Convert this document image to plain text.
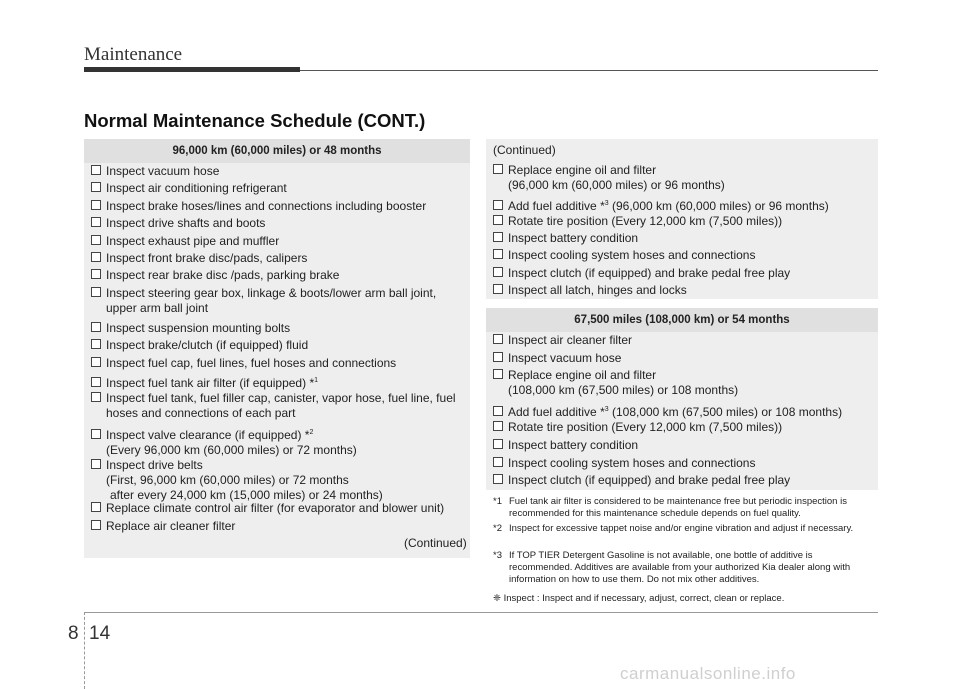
Maintenance
Normal Maintenance Schedule (CONT.)
96,000 km (60,000 miles) or 48 months
Inspect vacuum hose
Inspect air conditioning refrigerant
Inspect brake hoses/lines and connections including booster
Inspect drive shafts and boots
Inspect exhaust pipe and muffler
Inspect front brake disc/pads, calipers
Inspect rear brake disc /pads, parking brake
Inspect steering gear box, linkage & boots/lower arm ball joint,
upper arm ball joint
Inspect suspension mounting bolts
Inspect brake/clutch (if equipped) fluid
Inspect fuel cap, fuel lines, fuel hoses and connections
Inspect fuel tank air filter (if equipped) *$^1$
Inspect fuel tank, fuel filler cap, canister, vapor hose, fuel line, fuel
hoses and connections of each part
Inspect valve clearance (if equipped) *$^2$
(Every 96,000 km (60,000 miles) or 72 months)
Inspect drive belts
(First, 96,000 km (60,000 miles) or 72 months
after every 24,000 km (15,000 miles) or 24 months)
Replace climate control air filter (for evaporator and blower unit)
Replace air cleaner filter
(Continued)
(Continued)
Replace engine oil and filter
(96,000 km (60,000 miles) or 96 months)
Add fuel additive *$^3$ (96,000 km (60,000 miles) or 96 months)
Rotate tire position (Every 12,000 km (7,500 miles))
Inspect battery condition
Inspect cooling system hoses and connections
Inspect clutch (if equipped) and brake pedal free play
Inspect all latch, hinges and locks
67,500 miles (108,000 km) or 54 months
Inspect air cleaner filter
Inspect vacuum hose
Replace engine oil and filter
(108,000 km (67,500 miles) or 108 months)
Add fuel additive *$^3$ (108,000 km (67,500 miles) or 108 months)
Rotate tire position (Every 12,000 km (7,500 miles))
Inspect battery condition
Inspect cooling system hoses and connections
Inspect clutch (if equipped) and brake pedal free play
*1 Fuel tank air filter is considered to be maintenance free but periodic inspection is recommended for this maintenance schedule depends on fuel quality.
*2 Inspect for excessive tappet noise and/or engine vibration and adjust if necessary.
*3 If TOP TIER Detergent Gasoline is not available, one bottle of additive is recommended. Additives are available from your authorized Kia dealer along with information on how to use them. Do not mix other additives.
❈ Inspect : Inspect and if necessary, adjust, correct, clean or replace.
8 14
carmanualsonline.info
